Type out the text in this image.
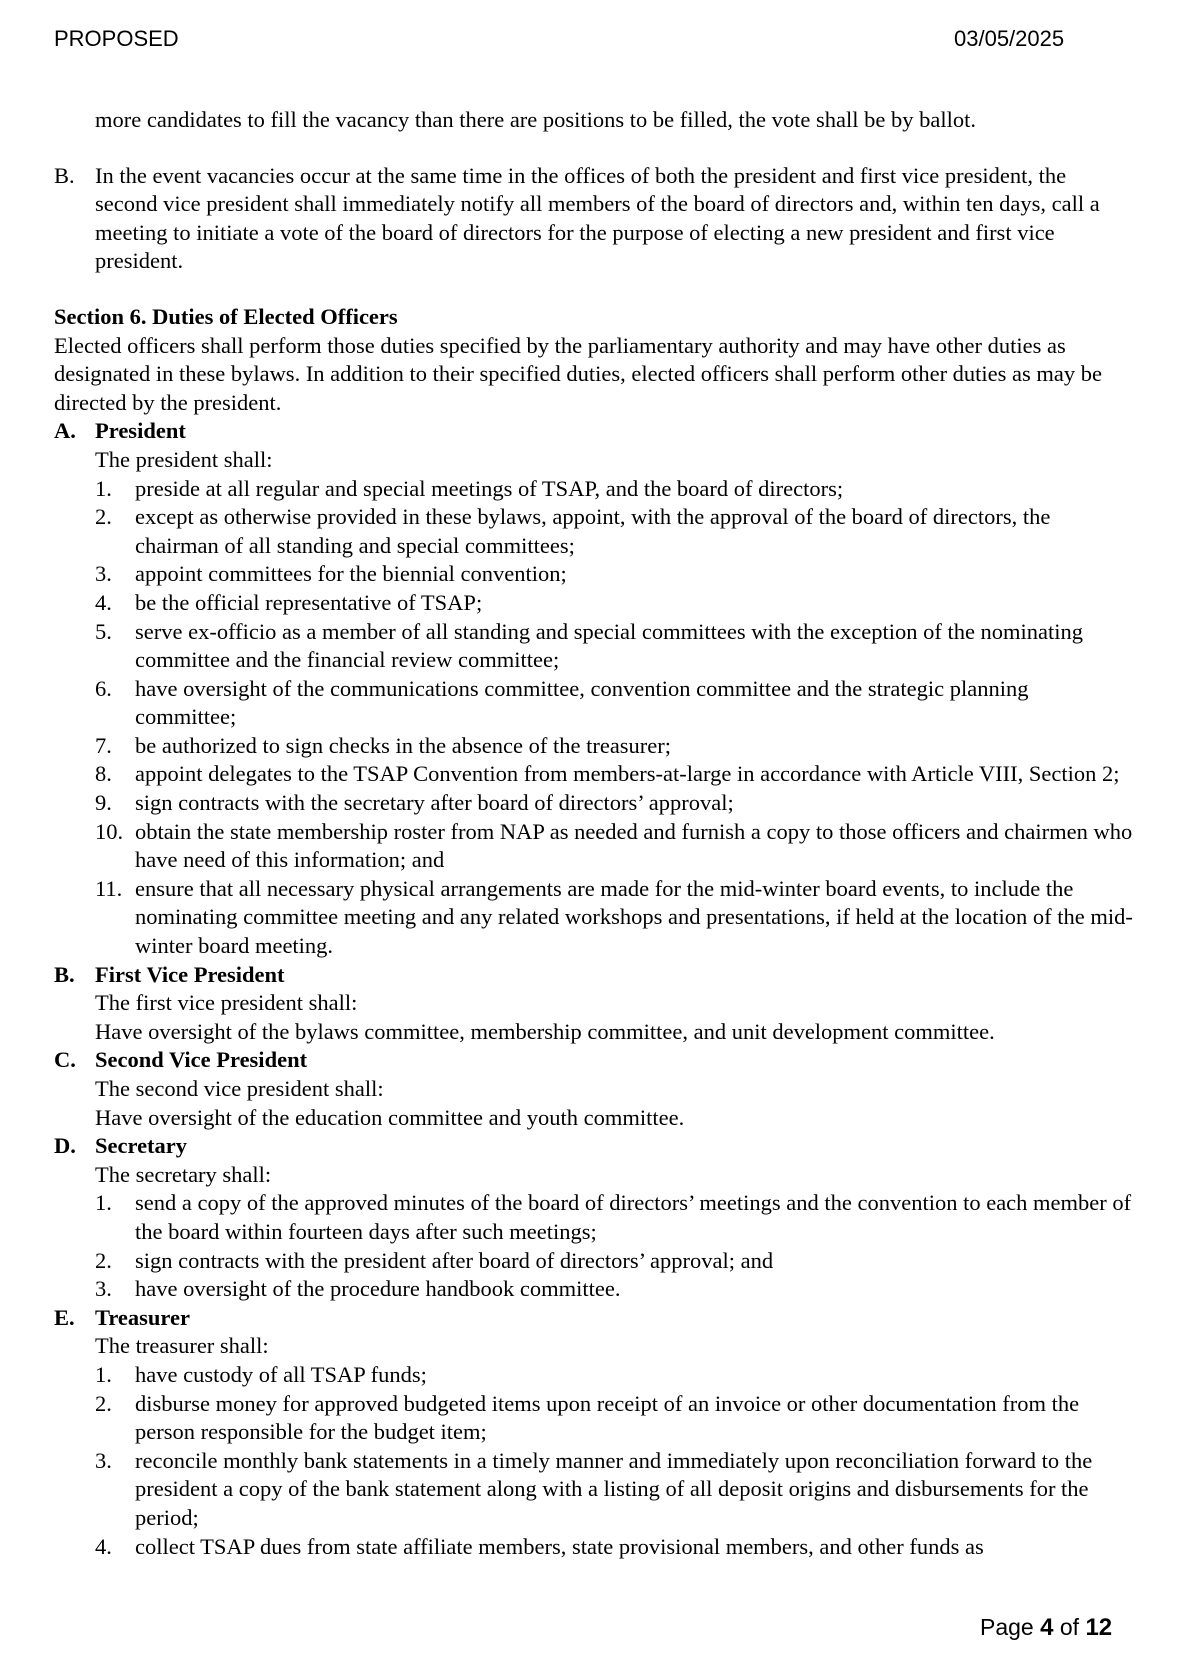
PROPOSED	03/05/2025

more candidates to fill the vacancy than there are positions to be filled, the vote shall be by ballot.

B. In the event vacancies occur at the same time in the offices of both the president and first vice president, the second vice president shall immediately notify all members of the board of directors and, within ten days, call a meeting to initiate a vote of the board of directors for the purpose of electing a new president and first vice president.

Section 6. Duties of Elected Officers

Elected officers shall perform those duties specified by the parliamentary authority and may have other duties as designated in these bylaws. In addition to their specified duties, elected officers shall perform other duties as may be directed by the president.

A. President

The president shall:

1. preside at all regular and special meetings of TSAP, and the board of directors;
2. except as otherwise provided in these bylaws, appoint, with the approval of the board of directors, the chairman of all standing and special committees;
3. appoint committees for the biennial convention;
4. be the official representative of TSAP;
5. serve ex-officio as a member of all standing and special committees with the exception of the nominating committee and the financial review committee;
6. have oversight of the communications committee, convention committee and the strategic planning committee;
7. be authorized to sign checks in the absence of the treasurer;
8. appoint delegates to the TSAP Convention from members-at-large in accordance with Article VIII, Section 2;
9. sign contracts with the secretary after board of directors’ approval;
10. obtain the state membership roster from NAP as needed and furnish a copy to those officers and chairmen who have need of this information; and
11. ensure that all necessary physical arrangements are made for the mid-winter board events, to include the nominating committee meeting and any related workshops and presentations, if held at the location of the mid-winter board meeting.
B. First Vice President

The first vice president shall:

Have oversight of the bylaws committee, membership committee, and unit development committee.

C. Second Vice President

The second vice president shall:

Have oversight of the education committee and youth committee.

D. Secretary

The secretary shall:

1. send a copy of the approved minutes of the board of directors’ meetings and the convention to each member of the board within fourteen days after such meetings;
2. sign contracts with the president after board of directors’ approval; and
3. have oversight of the procedure handbook committee.
E. Treasurer

The treasurer shall:

1. have custody of all TSAP funds;
2. disburse money for approved budgeted items upon receipt of an invoice or other documentation from the person responsible for the budget item;
3. reconcile monthly bank statements in a timely manner and immediately upon reconciliation forward to the president a copy of the bank statement along with a listing of all deposit origins and disbursements for the period;
4. collect TSAP dues from state affiliate members, state provisional members, and other funds as
Page 4 of 12
